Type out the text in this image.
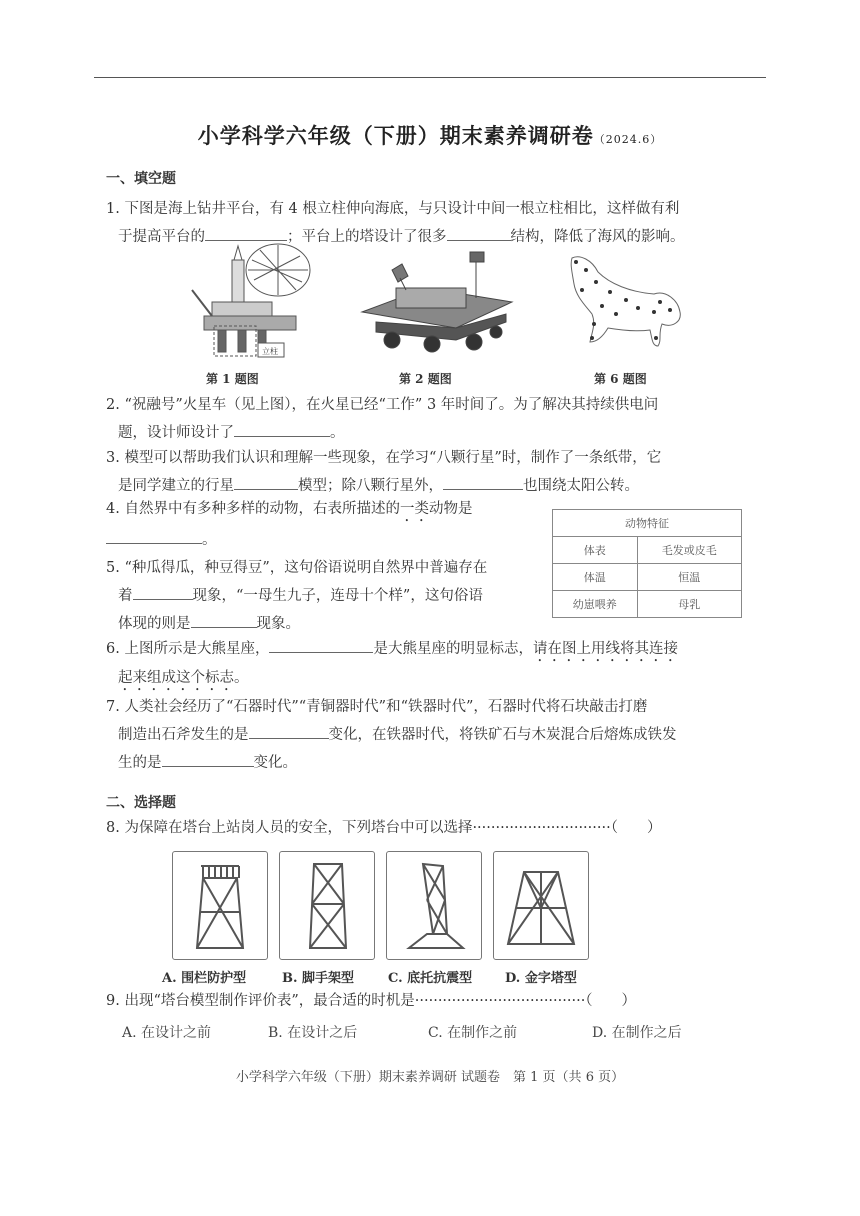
小学科学六年级（下册）期末素养调研卷（2024.6）
一、填空题
1. 下图是海上钻井平台，有 4 根立柱伸向海底，与只设计中间一根立柱相比，这样做有利
于提高平台的	；平台上的塔设计了很多	结构，降低了海风的影响。
立柱
第 1 题图	第 2 题图	第 6 题图
2. “祝融号”火星车（见上图），在火星已经“工作” 3 年时间了。为了解决其持续供电问
题，设计师设计了	。
3. 模型可以帮助我们认识和理解一些现象，在学习“八颗行星”时，制作了一条纸带，它
是同学建立的行星	模型；除八颗行星外，	也围绕太阳公转。
4. 自然界中有多种多样的动物，右表所描述的一类动物是
。
动物特征	
体表	毛发或皮毛
体温	恒温
幼崽喂养	母乳
5. “种瓜得瓜，种豆得豆”，这句俗语说明自然界中普遍存在
着	现象，“一母生九子，连母十个样”，这句俗语
体现的则是	现象。
6. 上图所示是大熊星座，	是大熊星座的明显标志，请在图上用线将其连接
起来组成这个标志。
7. 人类社会经历了“石器时代”“青铜器时代”和“铁器时代”，石器时代将石块敲击打磨
制造出石斧发生的是	变化，在铁器时代，将铁矿石与木炭混合后熔炼成铁发
生的是	变化。
二、选择题
8. 为保障在塔台上站岗人员的安全，下列塔台中可以选择······························（　　）
A. 围栏防护型	B. 脚手架型	C. 底托抗震型	D. 金字塔型
9. 出现“塔台模型制作评价表”，最合适的时机是·····································（　　）
A. 在设计之前	B. 在设计之后	C. 在制作之前	D. 在制作之后
小学科学六年级（下册）期末素养调研 试题卷　第 1 页（共 6 页）
